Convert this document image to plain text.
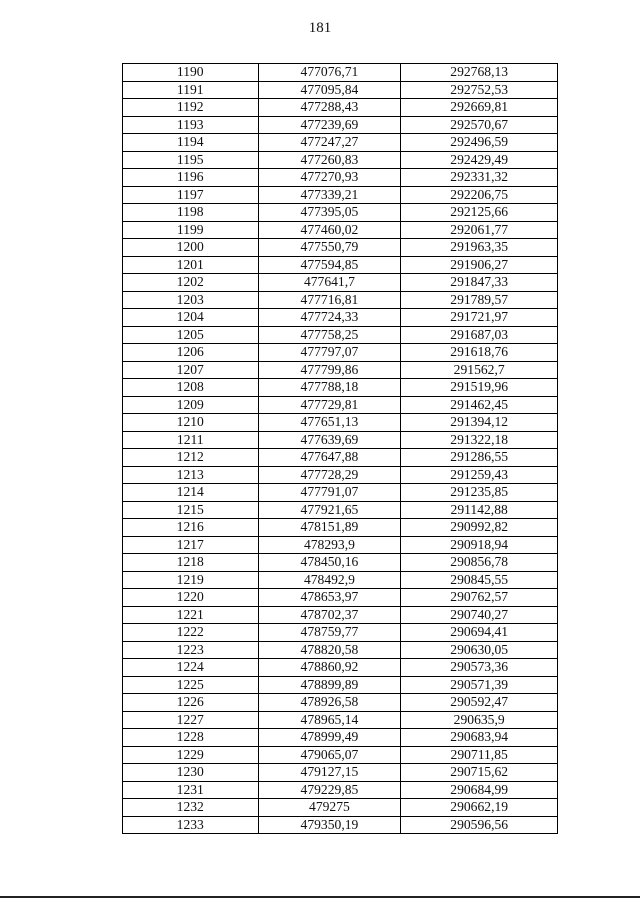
181
1190	477076,71	292768,13
1191	477095,84	292752,53
1192	477288,43	292669,81
1193	477239,69	292570,67
1194	477247,27	292496,59
1195	477260,83	292429,49
1196	477270,93	292331,32
1197	477339,21	292206,75
1198	477395,05	292125,66
1199	477460,02	292061,77
1200	477550,79	291963,35
1201	477594,85	291906,27
1202	477641,7	291847,33
1203	477716,81	291789,57
1204	477724,33	291721,97
1205	477758,25	291687,03
1206	477797,07	291618,76
1207	477799,86	291562,7
1208	477788,18	291519,96
1209	477729,81	291462,45
1210	477651,13	291394,12
1211	477639,69	291322,18
1212	477647,88	291286,55
1213	477728,29	291259,43
1214	477791,07	291235,85
1215	477921,65	291142,88
1216	478151,89	290992,82
1217	478293,9	290918,94
1218	478450,16	290856,78
1219	478492,9	290845,55
1220	478653,97	290762,57
1221	478702,37	290740,27
1222	478759,77	290694,41
1223	478820,58	290630,05
1224	478860,92	290573,36
1225	478899,89	290571,39
1226	478926,58	290592,47
1227	478965,14	290635,9
1228	478999,49	290683,94
1229	479065,07	290711,85
1230	479127,15	290715,62
1231	479229,85	290684,99
1232	479275	290662,19
1233	479350,19	290596,56
